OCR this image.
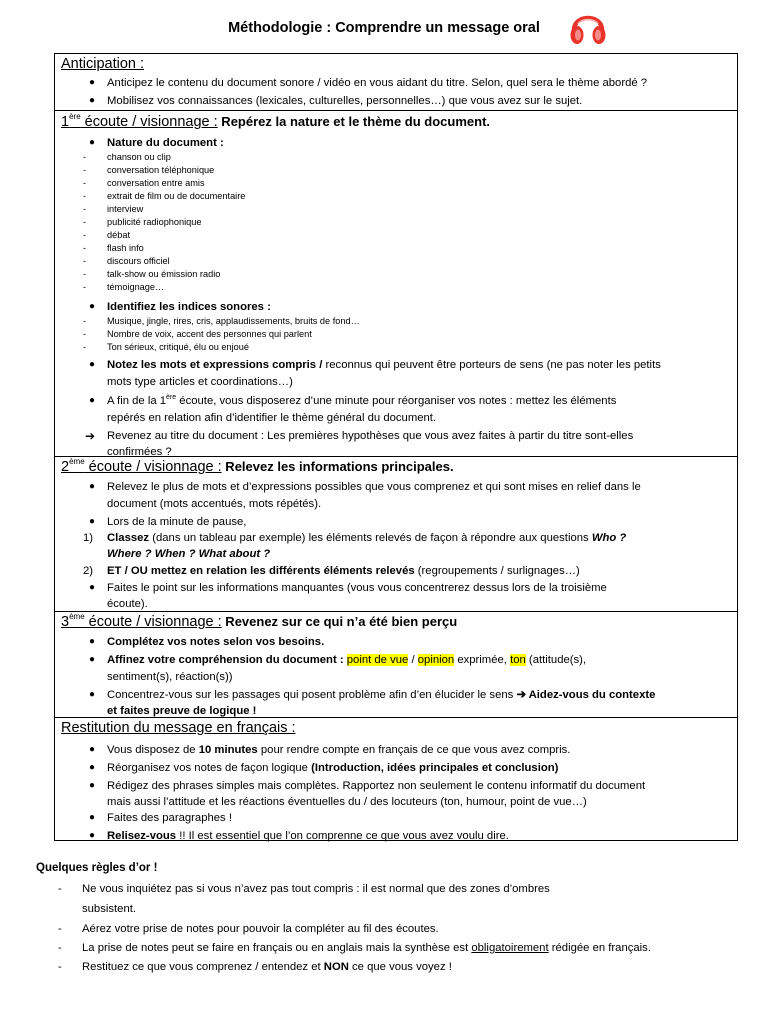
Méthodologie : Comprendre un message oral
Anticipation :
● Anticipez le contenu du document sonore / vidéo en vous aidant du titre. Selon, quel sera le thème abordé ?
● Mobilisez vos connaissances (lexicales, culturelles, personnelles…) que vous avez sur le sujet.
1ère écoute / visionnage : Repérez la nature et le thème du document.
● Nature du document :
- chanson ou clip
- conversation téléphonique
- conversation entre amis
- extrait de film ou de documentaire
- interview
- publicité radiophonique
- débat
- flash info
- discours officiel
- talk-show ou émission radio
- témoignage…
● Identifiez les indices sonores :
- Musique, jingle, rires, cris, applaudissements, bruits de fond…
- Nombre de voix, accent des personnes qui parlent
- Ton sérieux, critiqué, élu ou enjoué
● Notez les mots et expressions compris / reconnus qui peuvent être porteurs de sens (ne pas noter les petits
mots type articles et coordinations…)
● A fin de la 1ère écoute, vous disposerez d’une minute pour réorganiser vos notes : mettez les éléments
repérés en relation afin d’identifier le thème général du document.
➔ Revenez au titre du document : Les premières hypothèses que vous avez faites à partir du titre sont-elles
confirmées ?
2ème écoute / visionnage : Relevez les informations principales.
● Relevez le plus de mots et d’expressions possibles que vous comprenez et qui sont mises en relief dans le
document (mots accentués, mots répétés).
● Lors de la minute de pause,
1) Classez (dans un tableau par exemple) les éléments relevés de façon à répondre aux questions Who ?
Where ? When ? What about ?
2) ET / OU mettez en relation les différents éléments relevés (regroupements / surlignages…)
● Faites le point sur les informations manquantes (vous vous concentrerez dessus lors de la troisième
écoute).
3ème écoute / visionnage : Revenez sur ce qui n’a été bien perçu
● Complétez vos notes selon vos besoins.
● Affinez votre compréhension du document : point de vue / opinion exprimée, ton (attitude(s),
sentiment(s), réaction(s))
● Concentrez-vous sur les passages qui posent problème afin d’en élucider le sens ➔ Aidez-vous du contexte
et faites preuve de logique !
Restitution du message en français :
● Vous disposez de 10 minutes pour rendre compte en français de ce que vous avez compris.
● Réorganisez vos notes de façon logique (Introduction, idées principales et conclusion)
● Rédigez des phrases simples mais complètes. Rapportez non seulement le contenu informatif du document
mais aussi l’attitude et les réactions éventuelles du / des locuteurs (ton, humour, point de vue…)
● Faites des paragraphes !
● Relisez-vous !! Il est essentiel que l’on comprenne ce que vous avez voulu dire.
Quelques règles d’or !
- Ne vous inquiétez pas si vous n’avez pas tout compris : il est normal que des zones d’ombres
subsistent.
- Aérez votre prise de notes pour pouvoir la compléter au fil des écoutes.
- La prise de notes peut se faire en français ou en anglais mais la synthèse est obligatoirement rédigée en français.
- Restituez ce que vous comprenez / entendez et NON ce que vous voyez !
